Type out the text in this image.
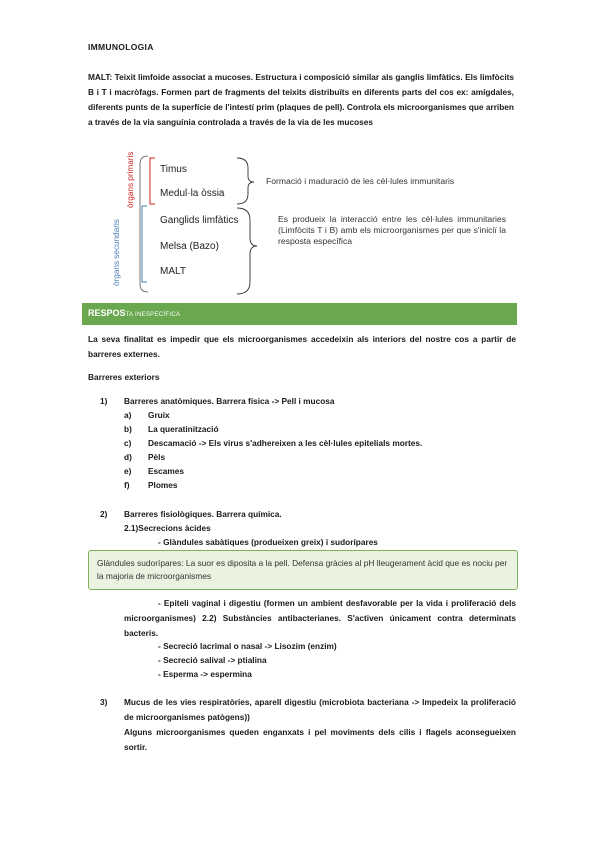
IMMUNOLOGIA
MALT: Teixit limfoide associat a mucoses. Estructura i composició similar als ganglis limfàtics. Els limfòcits B i T i macròfags. Formen part de fragments del teixits distribuïts en diferents parts del cos ex: amígdales, diferents punts de la superfície de l'intestí prim (plaques de pell). Controla els microorganismes que arriben a través de la via sanguínia controlada a través de la via de les mucoses
òrgans primaris
òrgans secundaris
Timus
Medul·la òssia
Ganglids limfàtics
Melsa (Bazo)
MALT
Formació i maduració de les cèl·lules immunitaris
Es produeix la interacció entre les cèl·lules immunitaries (Limfòcits T i B) amb els microorganismes per que s'iniciï la resposta específica
RESPOSTA INESPECÍFICA
La seva finalitat es impedir que els microorganismes accedeixin als interiors del nostre cos a partir de barreres externes.
Barreres exteriors
1) Barreres anatòmiques. Barrera física -> Pell i mucosa
a) Gruix
b) La queratinització
c) Descamació -> Els virus s'adhereixen a les cèl·lules epitelials mortes.
d) Pèls
e) Escames
f) Plomes
2) Barreres fisiològiques. Barrera química.
2.1)Secrecions àcides
- Glàndules sabàtiques (produeixen greix) i sudorípares

Glàndules sudorípares: La suor es diposita a la pell. Defensa gràcies al pH lleugerament àcid que es nociu per la majoria de microorganismes

- Epiteli vaginal i digestiu (formen un ambient desfavorable per la vida i proliferació dels microorganismes) 2.2) Substàncies antibacterianes. S'activen únicament contra determinats bacteris.
- Secreció lacrimal o nasal -> Lisozim (enzim)
- Secreció salival -> ptialina
- Esperma -> espermina
3)	Mucus de les vies respiratòries, aparell digestiu (microbiota bacteriana -> Impedeix la proliferació de microorganismes patògens))
Alguns microorganismes queden enganxats i pel moviments dels cilis i flagels aconsegueixen sortir.
